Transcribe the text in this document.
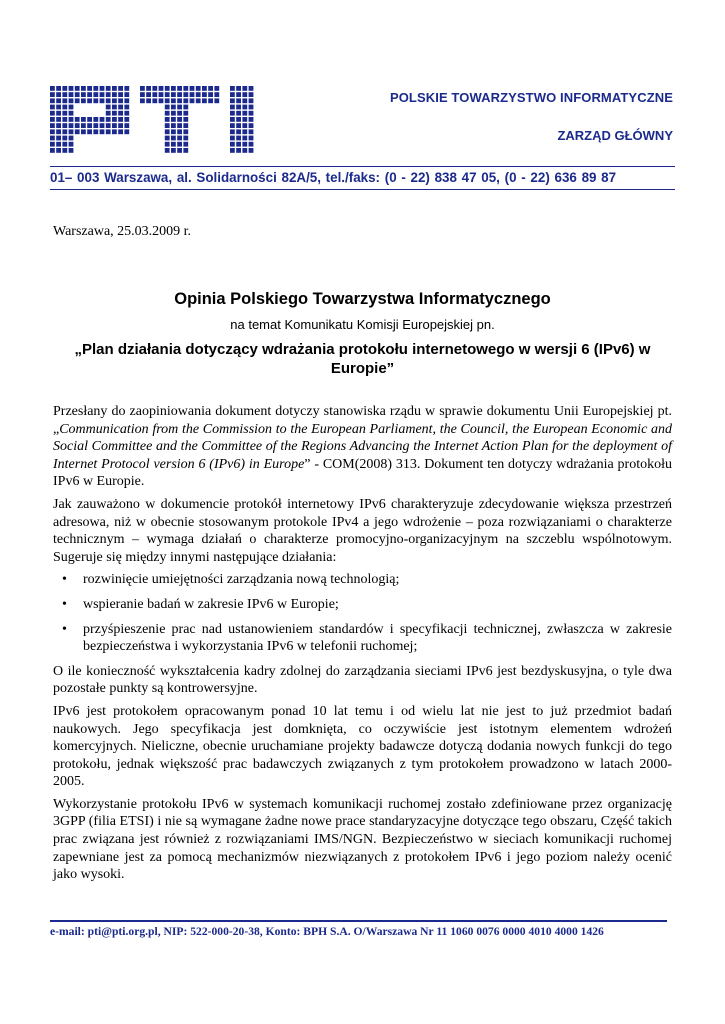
POLSKIE TOWARZYSTWO INFORMATYCZNE
ZARZĄD GŁÓWNY
01– 003 Warszawa, al. Solidarności 82A/5, tel./faks: (0 - 22) 838 47 05, (0 - 22) 636 89 87
Warszawa, 25.03.2009 r.
Opinia Polskiego Towarzystwa Informatycznego

na temat Komunikatu Komisji Europejskiej pn.

„Plan działania dotyczący wdrażania protokołu internetowego w wersji 6 (IPv6) w Europie”

Przesłany do zaopiniowania dokument dotyczy stanowiska rządu w sprawie dokumentu Unii Europejskiej pt. „Communication from the Commission to the European Parliament, the Council, the European Economic and Social Committee and the Committee of the Regions Advancing the Internet Action Plan for the deployment of Internet Protocol version 6 (IPv6) in Europe” - COM(2008) 313. Dokument ten dotyczy wdrażania protokołu IPv6 w Europie.

Jak zauważono w dokumencie protokół internetowy IPv6 charakteryzuje zdecydowanie większa przestrzeń adresowa, niż w obecnie stosowanym protokole IPv4 a jego wdrożenie – poza rozwiązaniami o charakterze technicznym – wymaga działań o charakterze promocyjno-organizacyjnym na szczeblu wspólnotowym. Sugeruje się między innymi następujące działania:

• rozwinięcie umiejętności zarządzania nową technologią;
• wspieranie badań w zakresie IPv6 w Europie;
• przyśpieszenie prac nad ustanowieniem standardów i specyfikacji technicznej, zwłaszcza w zakresie bezpieczeństwa i wykorzystania IPv6 w telefonii ruchomej;

O ile konieczność wykształcenia kadry zdolnej do zarządzania sieciami IPv6 jest bezdyskusyjna, o tyle dwa pozostałe punkty są kontrowersyjne.

IPv6 jest protokołem opracowanym ponad 10 lat temu i od wielu lat nie jest to już przedmiot badań naukowych. Jego specyfikacja jest domknięta, co oczywiście jest istotnym elementem wdrożeń komercyjnych. Nieliczne, obecnie uruchamiane projekty badawcze dotyczą dodania nowych funkcji do tego protokołu, jednak większość prac badawczych związanych z tym protokołem prowadzono w latach 2000-2005.

Wykorzystanie protokołu IPv6 w systemach komunikacji ruchomej zostało zdefiniowane przez organizację 3GPP (filia ETSI) i nie są wymagane żadne nowe prace standaryzacyjne dotyczące tego obszaru, Część takich prac związana jest również z rozwiązaniami IMS/NGN. Bezpieczeństwo w sieciach komunikacji ruchomej zapewniane jest za pomocą mechanizmów niezwiązanych z protokołem IPv6 i jego poziom należy ocenić jako wysoki.

e-mail: pti@pti.org.pl, NIP: 522-000-20-38, Konto: BPH S.A. O/Warszawa Nr 11 1060 0076 0000 4010 4000 1426
